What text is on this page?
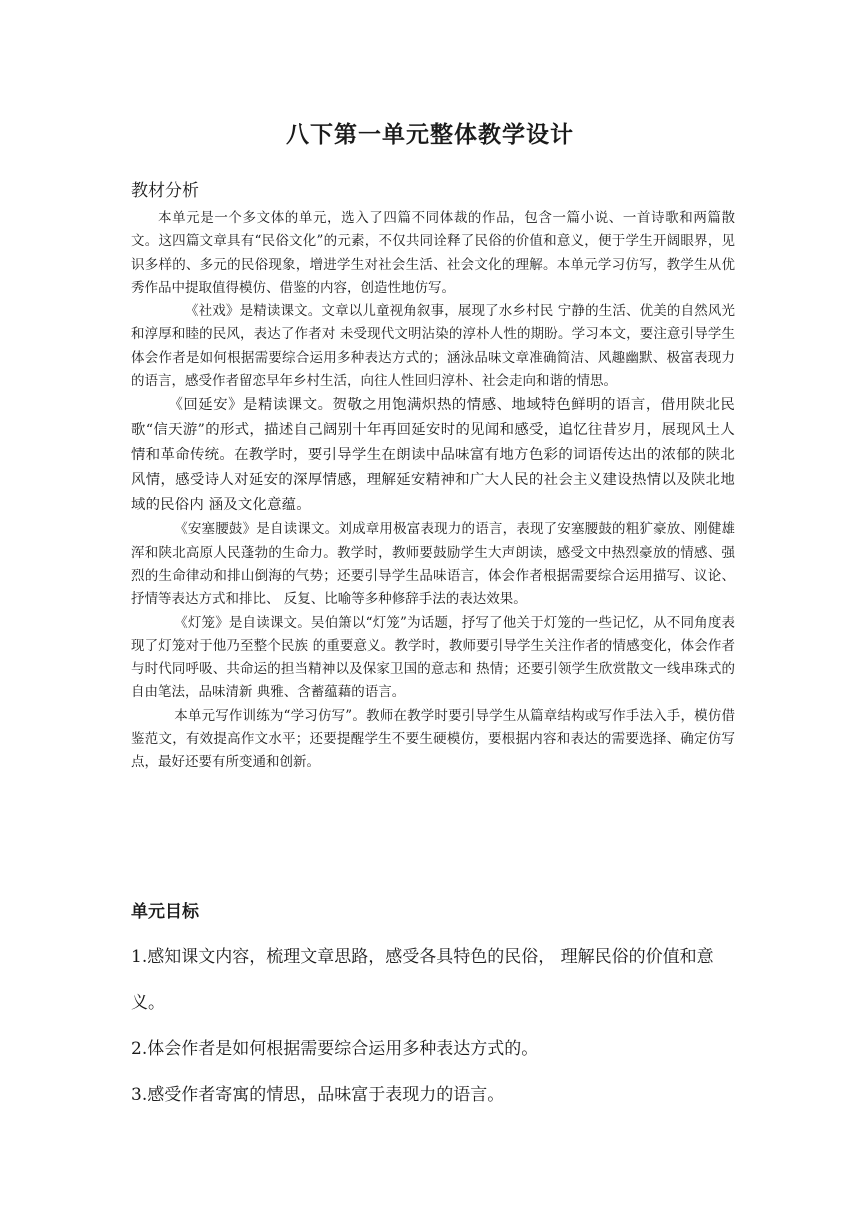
八下第一单元整体教学设计
教材分析

本单元是一个多文体的单元，选入了四篇不同体裁的作品，包含一篇小说、一首诗歌和两篇散文。这四篇文章具有“民俗文化”的元素，不仅共同诠释了民俗的价值和意义，便于学生开阔眼界，见识多样的、多元的民俗现象，增进学生对社会生活、社会文化的理解。本单元学习仿写，教学生从优秀作品中提取值得模仿、借鉴的内容，创造性地仿写。

《社戏》是精读课文。文章以儿童视角叙事，展现了水乡村民 宁静的生活、优美的自然风光和淳厚和睦的民风，表达了作者对 未受现代文明沾染的淳朴人性的期盼。学习本文，要注意引导学生体会作者是如何根据需要综合运用多种表达方式的；涵泳品味文章准确简洁、风趣幽默、极富表现力的语言，感受作者留恋早年乡村生活，向往人性回归淳朴、社会走向和谐的情思。

《回延安》是精读课文。贺敬之用饱满炽热的情感、地域特色鲜明的语言，借用陕北民歌“信天游”的形式，描述自己阔别十年再回延安时的见闻和感受，追忆往昔岁月，展现风土人情和革命传统。在教学时，要引导学生在朗读中品味富有地方色彩的词语传达出的浓郁的陕北风情，感受诗人对延安的深厚情感，理解延安精神和广大人民的社会主义建设热情以及陕北地域的民俗内 涵及文化意蕴。

《安塞腰鼓》是自读课文。刘成章用极富表现力的语言，表现了安塞腰鼓的粗犷豪放、刚健雄浑和陕北高原人民蓬勃的生命力。教学时，教师要鼓励学生大声朗读，感受文中热烈豪放的情感、强烈的生命律动和排山倒海的气势；还要引导学生品味语言，体会作者根据需要综合运用描写、议论、抒情等表达方式和排比、 反复、比喻等多种修辞手法的表达效果。

《灯笼》是自读课文。吴伯箫以“灯笼”为话题，抒写了他关于灯笼的一些记忆，从不同角度表现了灯笼对于他乃至整个民族 的重要意义。教学时，教师要引导学生关注作者的情感变化，体会作者与时代同呼吸、共命运的担当精神以及保家卫国的意志和 热情；还要引领学生欣赏散文一线串珠式的自由笔法，品味清新 典雅、含蓄蕴藉的语言。

本单元写作训练为“学习仿写”。教师在教学时要引导学生从篇章结构或写作手法入手，模仿借鉴范文，有效提高作文水平；还要提醒学生不要生硬模仿，要根据内容和表达的需要选择、确定仿写点，最好还要有所变通和创新。

单元目标

1.感知课文内容，梳理文章思路，感受各具特色的民俗， 理解民俗的价值和意义。

2.体会作者是如何根据需要综合运用多种表达方式的。

3.感受作者寄寓的情思，品味富于表现力的语言。
